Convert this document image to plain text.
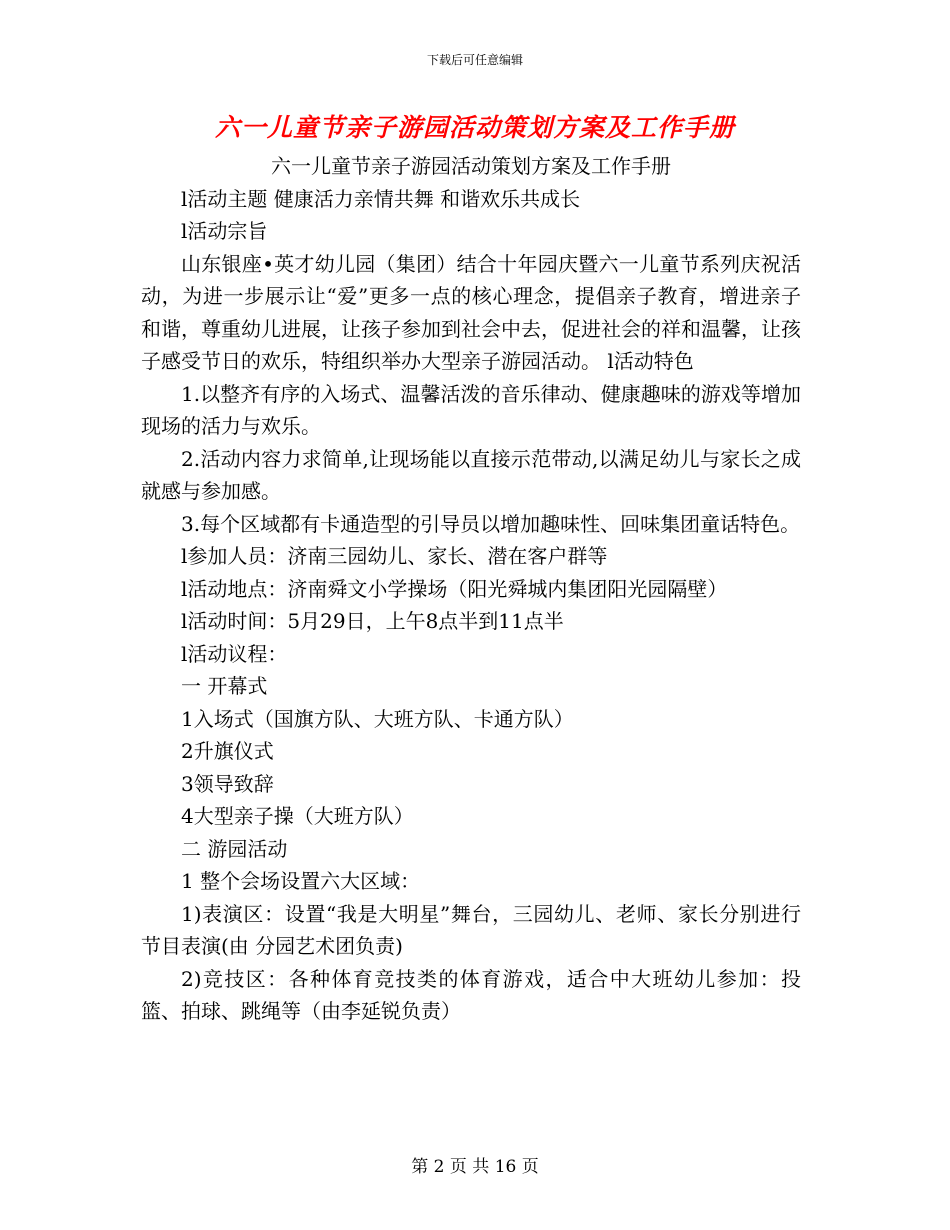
下载后可任意编辑
六一儿童节亲子游园活动策划方案及工作手册

六一儿童节亲子游园活动策划方案及工作手册

l活动主题 健康活力亲情共舞 和谐欢乐共成长

l活动宗旨

山东银座•英才幼儿园（集团）结合十年园庆暨六一儿童节系列庆祝活动，为进一步展示让“爱”更多一点的核心理念，提倡亲子教育，增进亲子和谐，尊重幼儿进展，让孩子参加到社会中去，促进社会的祥和温馨，让孩子感受节日的欢乐，特组织举办大型亲子游园活动。 l活动特色

1.以整齐有序的入场式、温馨活泼的音乐律动、健康趣味的游戏等增加现场的活力与欢乐。

2.活动内容力求简单,让现场能以直接示范带动,以满足幼儿与家长之成就感与参加感。

3.每个区域都有卡通造型的引导员以增加趣味性、回味集团童话特色。

l参加人员：济南三园幼儿、家长、潜在客户群等

l活动地点：济南舜文小学操场（阳光舜城内集团阳光园隔壁）

l活动时间：5月29日，上午8点半到11点半

l活动议程：

一 开幕式

1入场式（国旗方队、大班方队、卡通方队）

2升旗仪式

3领导致辞

4大型亲子操（大班方队）

二 游园活动

1 整个会场设置六大区域：

1)表演区：设置“我是大明星”舞台，三园幼儿、老师、家长分别进行节目表演(由 分园艺术团负责)

2)竞技区：各种体育竞技类的体育游戏，适合中大班幼儿参加：投篮、拍球、跳绳等（由李延锐负责）

第 2 页 共 16 页
